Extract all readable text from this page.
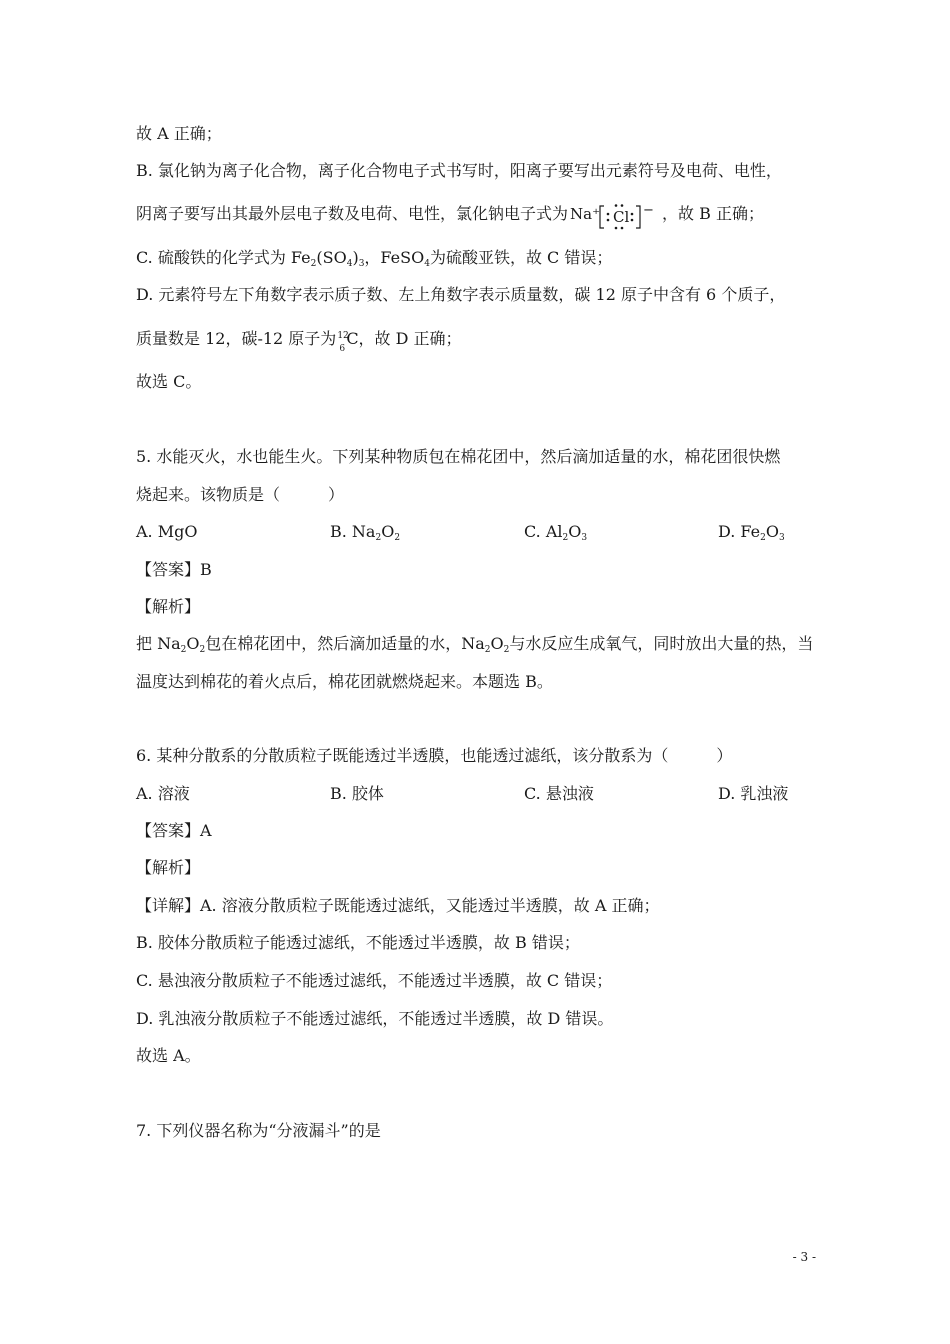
故 A 正确；
B. 氯化钠为离子化合物，离子化合物电子式书写时，阳离子要写出元素符号及电荷、电性，
阴离子要写出其最外层电子数及电荷、电性，氯化钠电子式为 Na⁺ Cl − ，故 B 正确；
C. 硫酸铁的化学式为 $Fe_2(SO_4)_3$，FeSO$_4$为硫酸亚铁，故 C 错误；
D. 元素符号左下角数字表示质子数、左上角数字表示质量数，碳 12 原子中含有 6 个质子，
质量数是 12，碳-12 原子为 12
6
C，故 D 正确；
故选 C。
5. 水能灭火，水也能生火。下列某种物质包在棉花团中，然后滴加适量的水，棉花团很快燃
烧起来。该物质是（　　　）
A. MgO	B. $Na_2O_2$	C. $Al_2O_3$	D. $Fe_2O_3$
【答案】B
【解析】
把 $Na_2O_2$包在棉花团中，然后滴加适量的水，$Na_2O_2$与水反应生成氧气，同时放出大量的热，当
温度达到棉花的着火点后，棉花团就燃烧起来。本题选 B。
6. 某种分散系的分散质粒子既能透过半透膜，也能透过滤纸，该分散系为（　　　）
A. 溶液	B. 胶体	C. 悬浊液	D. 乳浊液
【答案】A
【解析】
【详解】A. 溶液分散质粒子既能透过滤纸，又能透过半透膜，故 A 正确；
B. 胶体分散质粒子能透过滤纸，不能透过半透膜，故 B 错误；
C. 悬浊液分散质粒子不能透过滤纸，不能透过半透膜，故 C 错误；
D. 乳浊液分散质粒子不能透过滤纸，不能透过半透膜，故 D 错误。
故选 A。
7. 下列仪器名称为“分液漏斗”的是
- 3 -
